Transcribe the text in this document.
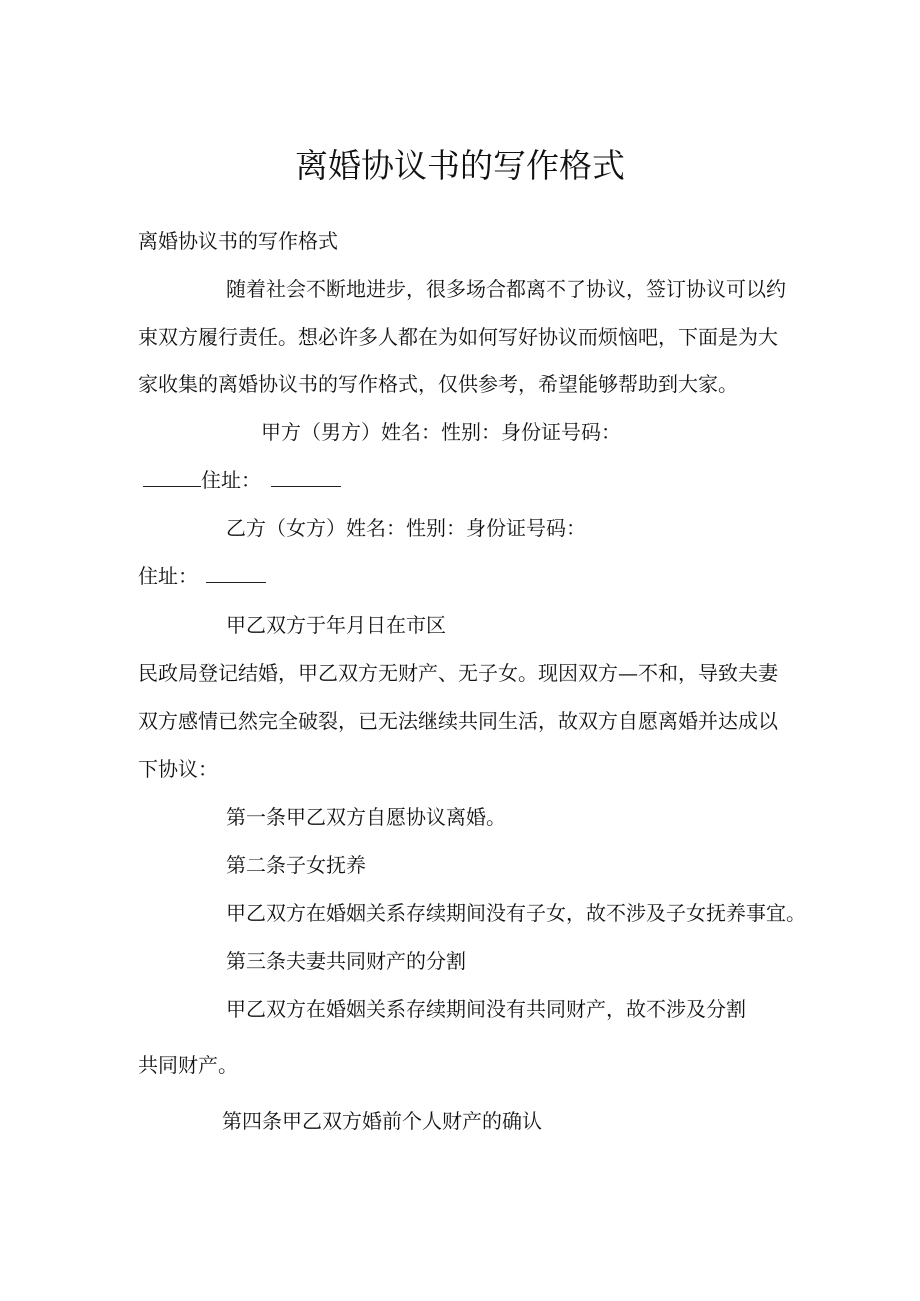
离婚协议书的写作格式
离婚协议书的写作格式
随着社会不断地进步，很多场合都离不了协议，签订协议可以约
束双方履行责任。想必许多人都在为如何写好协议而烦恼吧，下面是为大
家收集的离婚协议书的写作格式，仅供参考，希望能够帮助到大家。
甲方（男方）姓名：性别：身份证号码：
住址：
乙方（女方）姓名：性别：身份证号码：
住址：
甲乙双方于年月日在市区
民政局登记结婚，甲乙双方无财产、无子女。现因双方—不和，导致夫妻
双方感情已然完全破裂，已无法继续共同生活，故双方自愿离婚并达成以
下协议：
第一条甲乙双方自愿协议离婚。
第二条子女抚养
甲乙双方在婚姻关系存续期间没有子女，故不涉及子女抚养事宜。
第三条夫妻共同财产的分割
甲乙双方在婚姻关系存续期间没有共同财产，故不涉及分割
共同财产。
第四条甲乙双方婚前个人财产的确认
